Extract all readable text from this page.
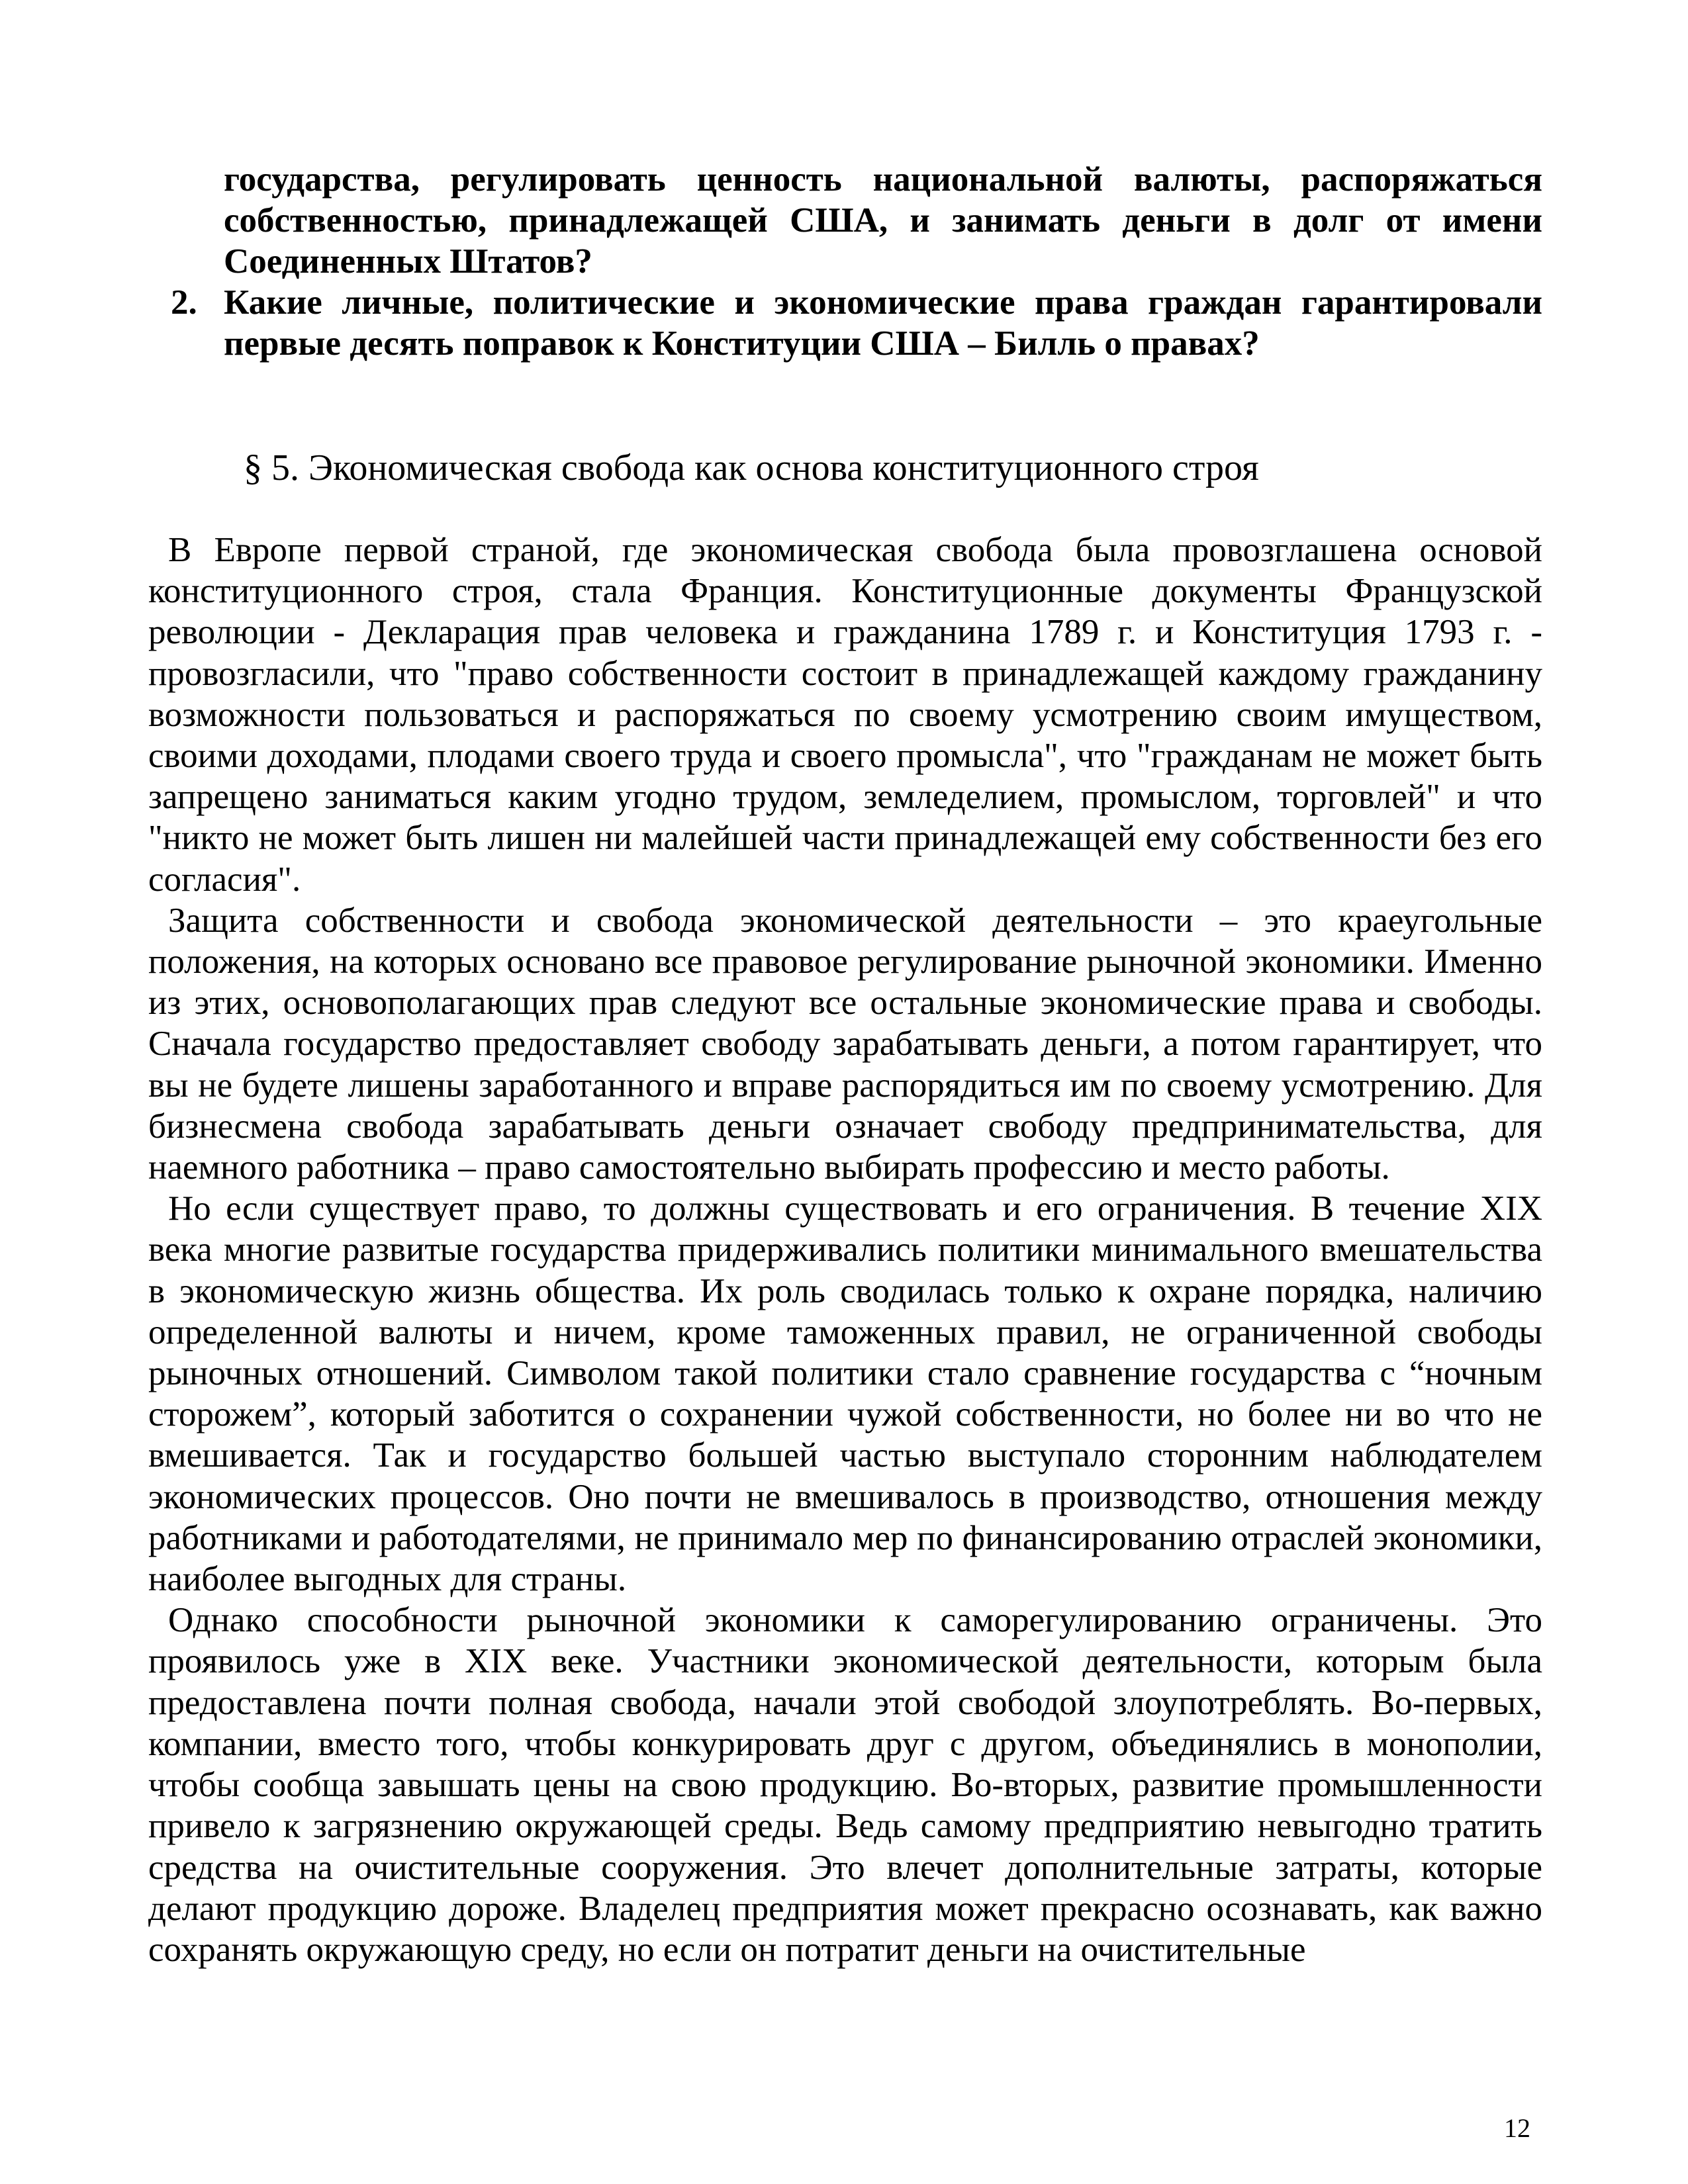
государства, регулировать ценность национальной валюты, распоряжаться собственностью, принадлежащей США, и занимать деньги в долг от имени Соединенных Штатов?
2. Какие личные, политические и экономические права граждан гарантировали первые десять поправок к Конституции США – Билль о правах?
§ 5. Экономическая свобода как основа конституционного строя

В Европе первой страной, где экономическая свобода была провозглашена основой конституционного строя, стала Франция. Конституционные документы Французской революции - Декларация прав человека и гражданина 1789 г. и Конституция 1793 г. - провозгласили, что "право собственности состоит в принадлежащей каждому гражданину возможности пользоваться и распоряжаться по своему усмотрению своим имуществом, своими доходами, плодами своего труда и своего промысла", что "гражданам не может быть запрещено заниматься каким угодно трудом, земледелием, промыслом, торговлей" и что "никто не может быть лишен ни малейшей части принадлежащей ему собственности без его согласия".

Защита собственности и свобода экономической деятельности – это краеугольные положения, на которых основано все правовое регулирование рыночной экономики. Именно из этих, основополагающих прав следуют все остальные экономические права и свободы. Сначала государство предоставляет свободу зарабатывать деньги, а потом гарантирует, что вы не будете лишены заработанного и вправе распорядиться им по своему усмотрению. Для бизнесмена свобода зарабатывать деньги означает свободу предпринимательства, для наемного работника – право самостоятельно выбирать профессию и место работы.

Но если существует право, то должны существовать и его ограничения. В течение XIX века многие развитые государства придерживались политики минимального вмешательства в экономическую жизнь общества. Их роль сводилась только к охране порядка, наличию определенной валюты и ничем, кроме таможенных правил, не ограниченной свободы рыночных отношений. Символом такой политики стало сравнение государства с “ночным сторожем”, который заботится о сохранении чужой собственности, но более ни во что не вмешивается. Так и государство большей частью выступало сторонним наблюдателем экономических процессов. Оно почти не вмешивалось в производство, отношения между работниками и работодателями, не принимало мер по финансированию отраслей экономики, наиболее выгодных для страны.

Однако способности рыночной экономики к саморегулированию ограничены. Это проявилось уже в XIX веке. Участники экономической деятельности, которым была предоставлена почти полная свобода, начали этой свободой злоупотреблять. Во-первых, компании, вместо того, чтобы конкурировать друг с другом, объединялись в монополии, чтобы сообща завышать цены на свою продукцию. Во-вторых, развитие промышленности привело к загрязнению окружающей среды. Ведь самому предприятию невыгодно тратить средства на очистительные сооружения. Это влечет дополнительные затраты, которые делают продукцию дороже. Владелец предприятия может прекрасно осознавать, как важно сохранять окружающую среду, но если он потратит деньги на очистительные

12
